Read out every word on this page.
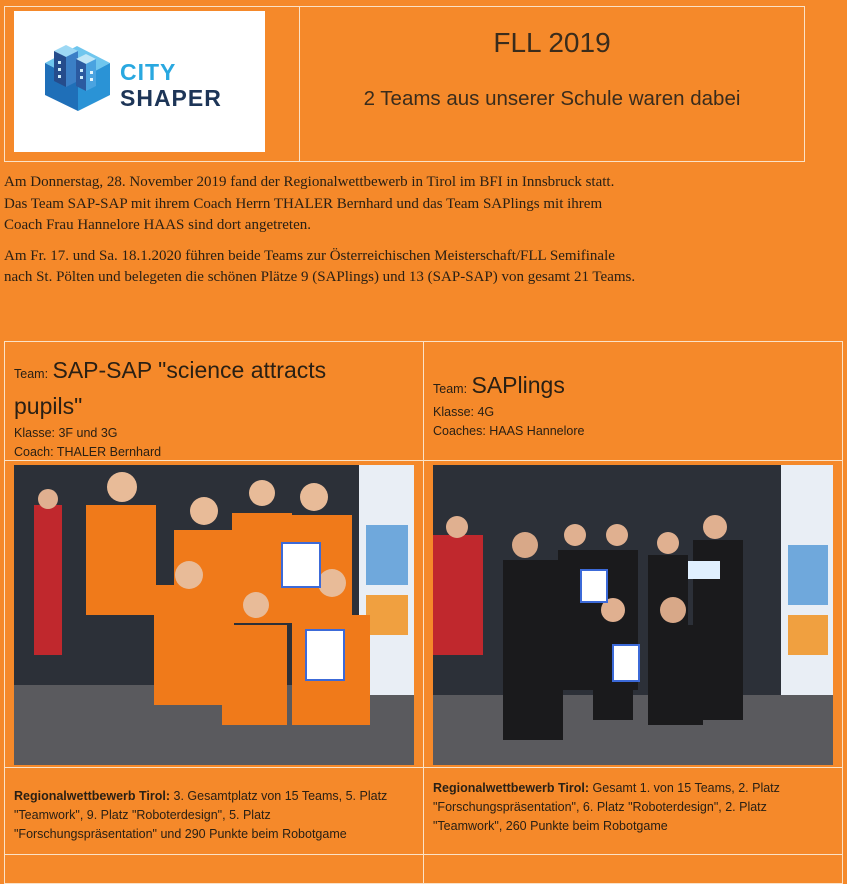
CITY
SHAPER
FLL 2019
2 Teams aus unserer Schule waren dabei

Am Donnerstag, 28. November 2019 fand der Regionalwettbewerb in Tirol im BFI in Innsbruck statt.
Das Team SAP-SAP mit ihrem Coach Herrn THALER Bernhard und das Team SAPlings mit ihrem
Coach Frau Hannelore HAAS sind dort angetreten.

Am Fr. 17. und Sa. 18.1.2020 führen beide Teams zur Österreichischen Meisterschaft/FLL Semifinale
nach St. Pölten und belegeten die schönen Plätze 9 (SAPlings) und 13 (SAP-SAP) von gesamt 21 Teams.

Team: SAP-SAP "science attracts
pupils"
Klasse: 3F und 3G
Coach: THALER Bernhard
Team: SAPlings
Klasse: 4G
Coaches: HAAS Hannelore
Regionalwettbewerb Tirol: 3. Gesamtplatz von 15 Teams, 5. Platz
"Teamwork", 9. Platz "Roboterdesign", 5. Platz
"Forschungspräsentation" und 290 Punkte beim Robotgame
Regionalwettbewerb Tirol: Gesamt 1. von 15 Teams, 2. Platz
"Forschungspräsentation", 6. Platz "Roboterdesign", 2. Platz
"Teamwork", 260 Punkte beim Robotgame
